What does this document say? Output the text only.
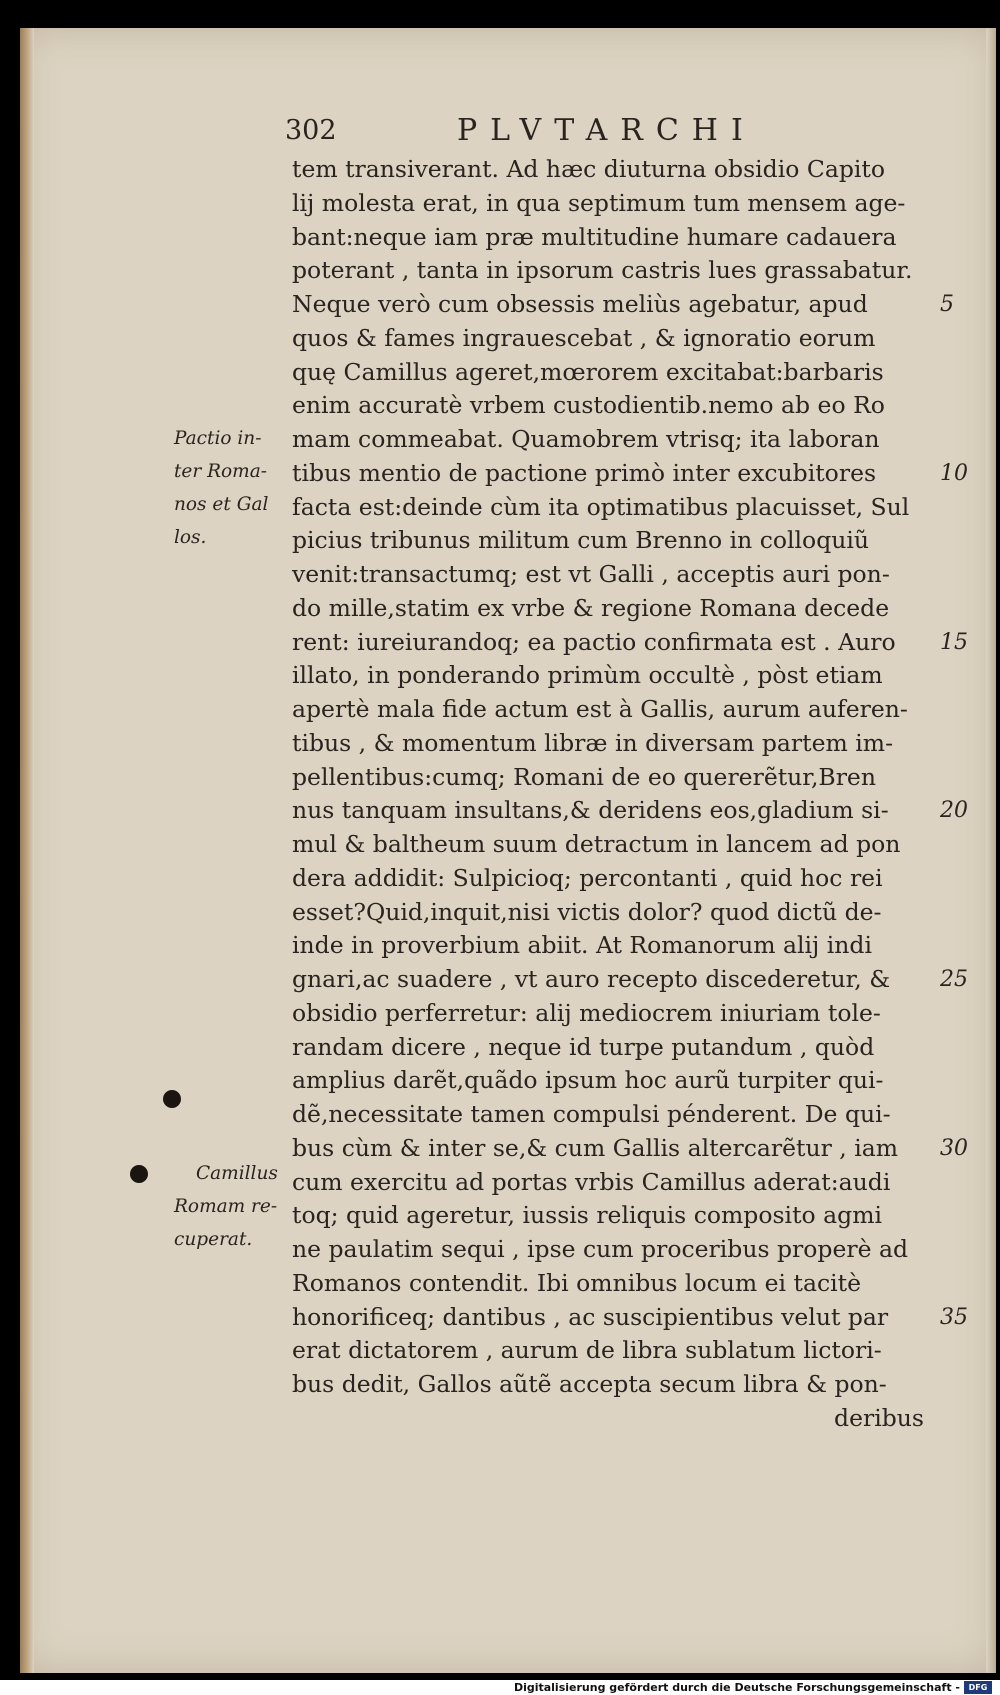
302	PLVTARCHI
tem transiverant. Ad hæc diuturna obsidio Capito
lij molesta erat, in qua septimum tum mensem age-
bant:neque iam præ multitudine humare cadauera
poterant , tanta in ipsorum castris lues grassabatur.
Neque verò cum obsessis meliùs agebatur, apud
quos & fames ingrauescebat , & ignoratio eorum
quę Camillus ageret,mœrorem excitabat:barbaris
enim accuratè vrbem custodientib.nemo ab eo Ro
mam commeabat. Quamobrem vtrisq; ita laboran
tibus mentio de pactione primò inter excubitores
facta est:deinde cùm ita optimatibus placuisset, Sul
picius tribunus militum cum Brenno in colloquiũ
venit:transactumq; est vt Galli , acceptis auri pon-
do mille,statim ex vrbe & regione Romana decede
rent: iureiurandoq; ea pactio confirmata est . Auro
illato, in ponderando primùm occultè , pòst etiam
apertè mala fide actum est à Gallis, aurum auferen-
tibus , & momentum libræ in diversam partem im-
pellentibus:cumq; Romani de eo quererẽtur,Bren
nus tanquam insultans,& deridens eos,gladium si-
mul & baltheum suum detractum in lancem ad pon
dera addidit: Sulpicioq; percontanti , quid hoc rei
esset?Quid,inquit,nisi victis dolor? quod dictũ de-
inde in proverbium abiit. At Romanorum alij indi
gnari,ac suadere , vt auro recepto discederetur, &
obsidio perferretur: alij mediocrem iniuriam tole-
randam dicere , neque id turpe putandum , quòd
amplius darẽt,quãdo ipsum hoc aurũ turpiter qui-
dẽ,necessitate tamen compulsi pénderent. De qui-
bus cùm & inter se,& cum Gallis altercarẽtur , iam
cum exercitu ad portas vrbis Camillus aderat:audi
toq; quid ageretur, iussis reliquis composito agmi
ne paulatim sequi , ipse cum proceribus properè ad
Romanos contendit. Ibi omnibus locum ei tacitè
honorificeq; dantibus , ac suscipientibus velut par
erat dictatorem , aurum de libra sublatum lictori-
bus dedit, Gallos aũtẽ accepta secum libra & pon-
deribus
5
10
15
20
25
30
35
Pactio in-
ter Roma-
nos et Gal
los.
Camillus
Romam re-
cuperat.
Digitalisierung gefördert durch die Deutsche Forschungsgemeinschaft -	DFG
